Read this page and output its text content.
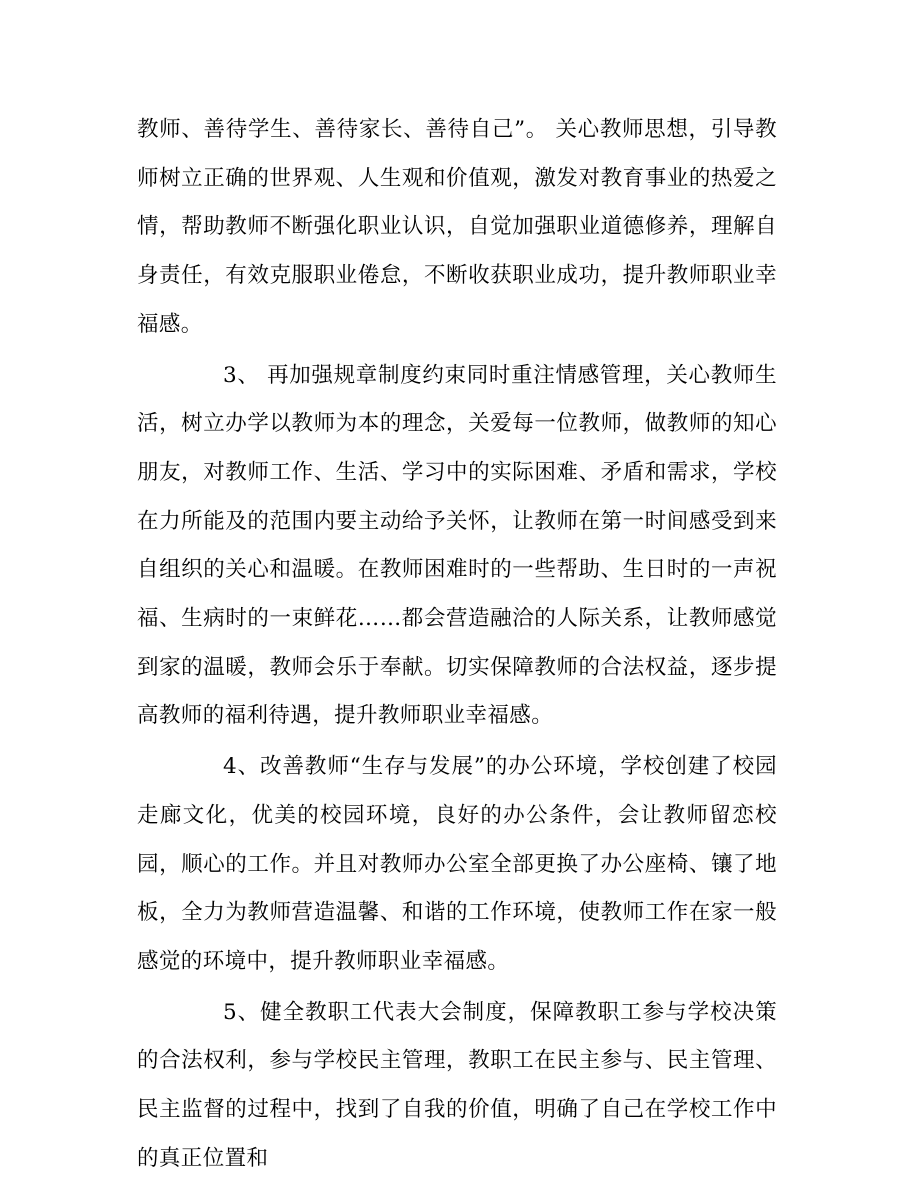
教师、善待学生、善待家长、善待自己”。 关心教师思想，引导教师树立正确的世界观、人生观和价值观，激发对教育事业的热爱之情，帮助教师不断强化职业认识，自觉加强职业道德修养，理解自身责任，有效克服职业倦怠，不断收获职业成功，提升教师职业幸福感。

3、 再加强规章制度约束同时重注情感管理，关心教师生活，树立办学以教师为本的理念，关爱每一位教师，做教师的知心朋友，对教师工作、生活、学习中的实际困难、矛盾和需求，学校在力所能及的范围内要主动给予关怀，让教师在第一时间感受到来自组织的关心和温暖。在教师困难时的一些帮助、生日时的一声祝福、生病时的一束鲜花……都会营造融洽的人际关系，让教师感觉到家的温暖，教师会乐于奉献。切实保障教师的合法权益，逐步提高教师的福利待遇，提升教师职业幸福感。

4、改善教师“生存与发展”的办公环境，学校创建了校园走廊文化，优美的校园环境，良好的办公条件，会让教师留恋校园，顺心的工作。并且对教师办公室全部更换了办公座椅、镶了地板，全力为教师营造温馨、和谐的工作环境，使教师工作在家一般感觉的环境中，提升教师职业幸福感。

5、健全教职工代表大会制度，保障教职工参与学校决策的合法权利，参与学校民主管理，教职工在民主参与、民主管理、民主监督的过程中，找到了自我的价值，明确了自己在学校工作中的真正位置和
